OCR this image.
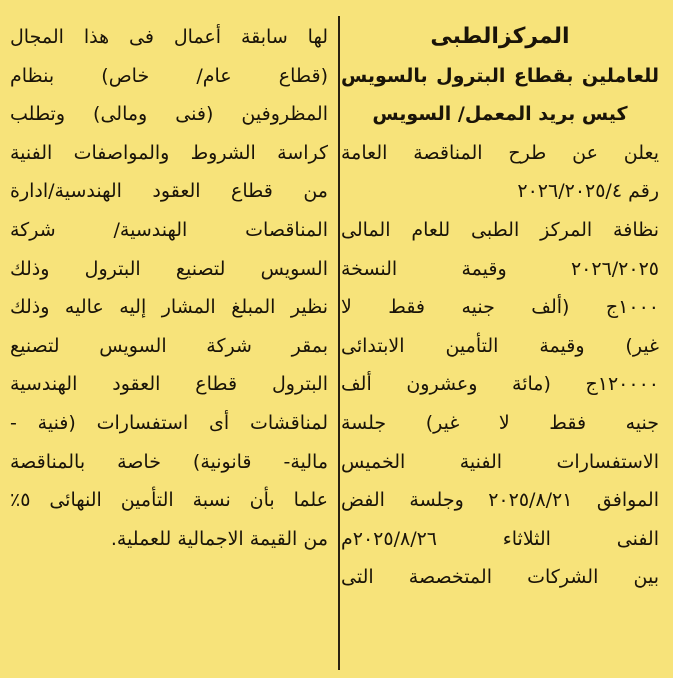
المركزالطبى
للعاملين بقطاع البترول بالسويس
كيس بريد المعمل/ السويس
يعلن عن طرح المناقصة العامة
رقم ٢٠٢٦/٢٠٢٥/٤
نظافة المركز الطبى للعام المالى
٢٠٢٦/٢٠٢٥ وقيمة النسخة
١٠٠٠ج (ألف جنيه فقط لا
غير) وقيمة التأمين الابتدائى
١٢٠٠٠٠ج (مائة وعشرون ألف
جنيه فقط لا غير) جلسة
الاستفسارات الفنية الخميس
الموافق ٢٠٢٥/٨/٢١ وجلسة الفض
الفنى الثلاثاء ٢٠٢٥/٨/٢٦م
بين الشركات المتخصصة التى
لها سابقة أعمال فى هذا المجال
(قطاع عام/ خاص) بنظام
المظروفين (فنى ومالى) وتطلب
كراسة الشروط والمواصفات الفنية
من قطاع العقود الهندسية/ادارة
المناقصات الهندسية/ شركة
السويس لتصنيع البترول وذلك
نظير المبلغ المشار إليه عاليه وذلك
بمقر شركة السويس لتصنيع
البترول قطاع العقود الهندسية
لمناقشات أى استفسارات (فنية -
مالية- قانونية) خاصة بالمناقصة
علما بأن نسبة التأمين النهائى ٥٪
من القيمة الاجمالية للعملية.
